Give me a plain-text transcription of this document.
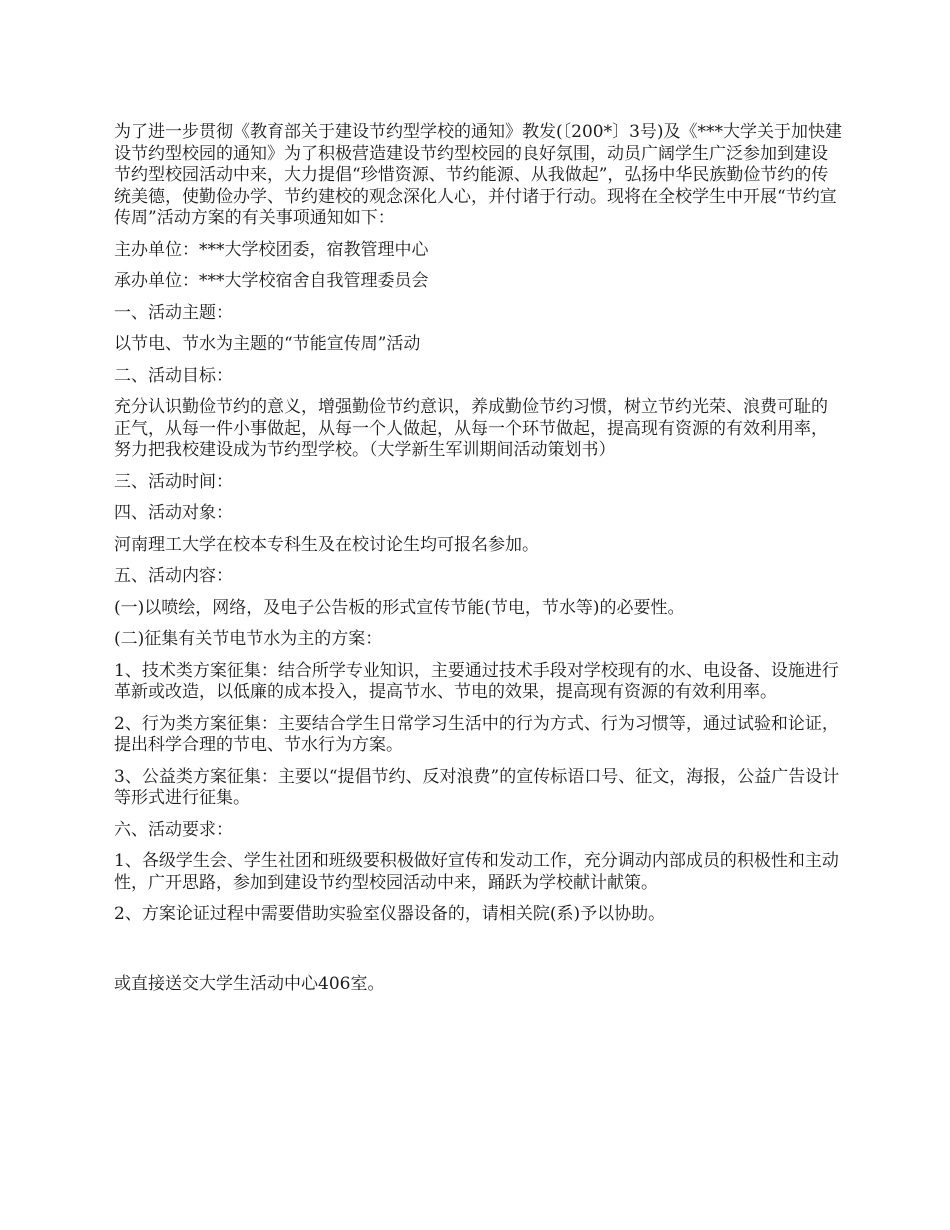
为了进一步贯彻《教育部关于建设节约型学校的通知》教发(〔200*〕3号)及《***大学关于加快建设节约型校园的通知》为了积极营造建设节约型校园的良好氛围，动员广阔学生广泛参加到建设节约型校园活动中来，大力提倡“珍惜资源、节约能源、从我做起”，弘扬中华民族勤俭节约的传统美德，使勤俭办学、节约建校的观念深化人心，并付诸于行动。现将在全校学生中开展“节约宣传周”活动方案的有关事项通知如下：

主办单位：***大学校团委，宿教管理中心

承办单位：***大学校宿舍自我管理委员会

一、活动主题：

以节电、节水为主题的“节能宣传周”活动

二、活动目标：

充分认识勤俭节约的意义，增强勤俭节约意识，养成勤俭节约习惯，树立节约光荣、浪费可耻的正气，从每一件小事做起，从每一个人做起，从每一个环节做起，提高现有资源的有效利用率，努力把我校建设成为节约型学校。（大学新生军训期间活动策划书）

三、活动时间：

四、活动对象：

河南理工大学在校本专科生及在校讨论生均可报名参加。

五、活动内容：

(一)以喷绘，网络，及电子公告板的形式宣传节能(节电，节水等)的必要性。

(二)征集有关节电节水为主的方案：

1、技术类方案征集：结合所学专业知识，主要通过技术手段对学校现有的水、电设备、设施进行革新或改造，以低廉的成本投入，提高节水、节电的效果，提高现有资源的有效利用率。

2、行为类方案征集：主要结合学生日常学习生活中的行为方式、行为习惯等，通过试验和论证，提出科学合理的节电、节水行为方案。

3、公益类方案征集：主要以“提倡节约、反对浪费”的宣传标语口号、征文，海报，公益广告设计等形式进行征集。

六、活动要求：

1、各级学生会、学生社团和班级要积极做好宣传和发动工作，充分调动内部成员的积极性和主动性，广开思路，参加到建设节约型校园活动中来，踊跃为学校献计献策。

2、方案论证过程中需要借助实验室仪器设备的，请相关院(系)予以协助。

或直接送交大学生活动中心406室。
